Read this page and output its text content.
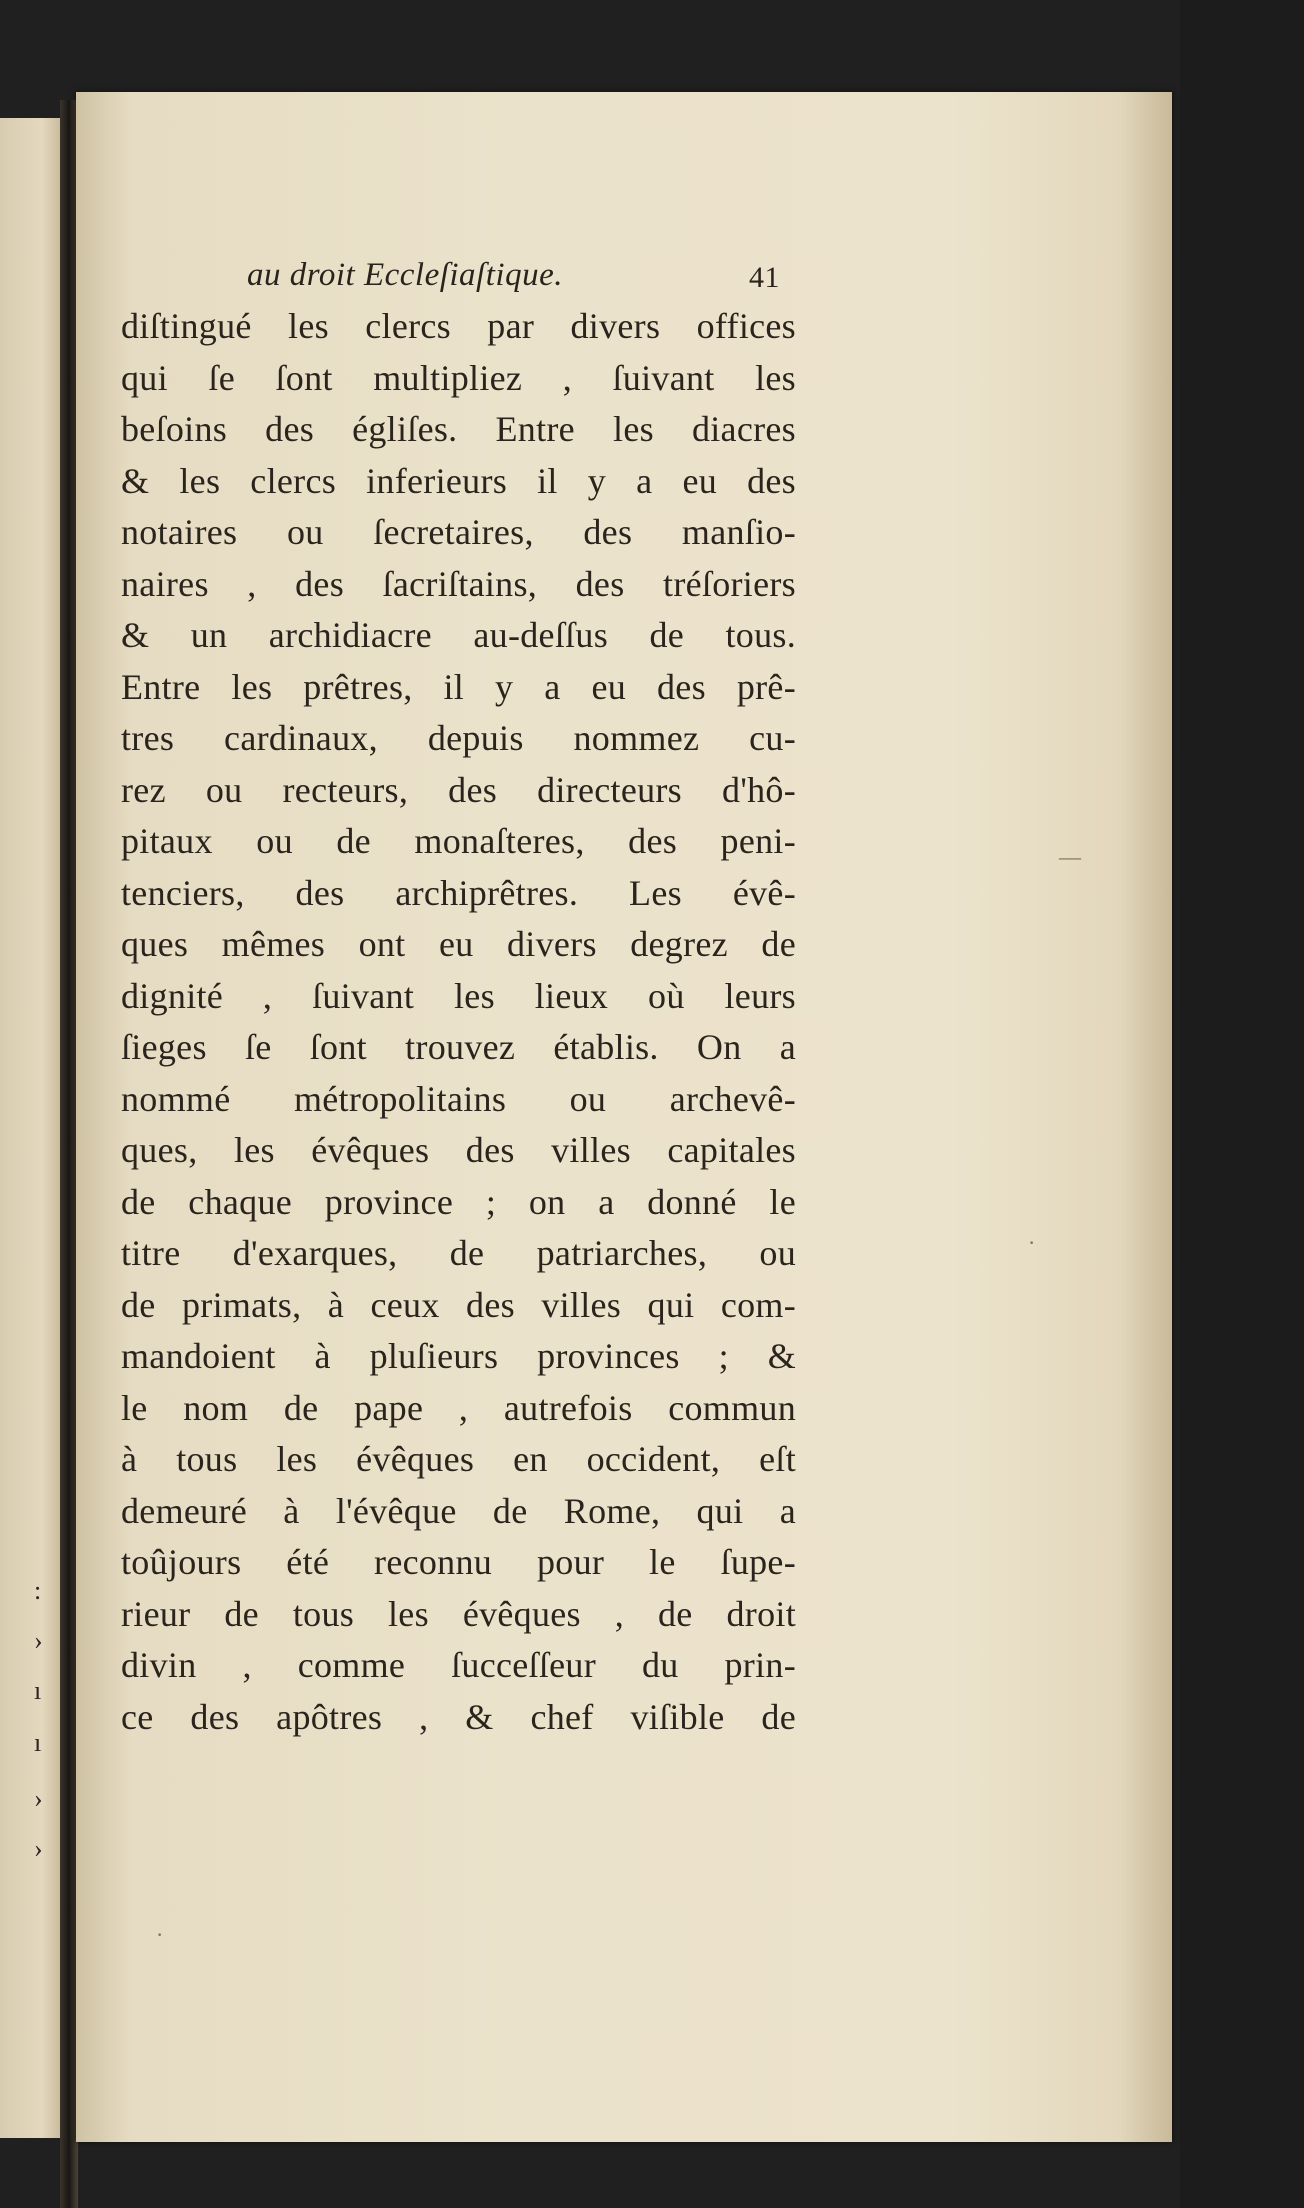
:
›
ı
ı
›
›
au droit Eccleſiaſtique.	41
diſtingué les clercs par divers offices
qui ſe ſont multipliez , ſuivant les
beſoins des égliſes. Entre les diacres
& les clercs inferieurs il y a eu des
notaires ou ſecretaires, des manſio-
naires , des ſacriſtains, des tréſoriers
& un archidiacre au-deſſus de tous.
Entre les prêtres, il y a eu des prê-
tres cardinaux, depuis nommez cu-
rez ou recteurs, des directeurs d'hô-
pitaux ou de monaſteres, des peni-
tenciers, des archiprêtres. Les évê-
ques mêmes ont eu divers degrez de
dignité , ſuivant les lieux où leurs
ſieges ſe ſont trouvez établis. On a
nommé métropolitains ou archevê-
ques, les évêques des villes capitales
de chaque province ; on a donné le
titre d'exarques, de patriarches, ou
de primats, à ceux des villes qui com-
mandoient à pluſieurs provinces ; &
le nom de pape , autrefois commun
à tous les évêques en occident, eſt
demeuré à l'évêque de Rome, qui a
toûjours été reconnu pour le ſupe-
rieur de tous les évêques , de droit
divin , comme ſucceſſeur du prin-
ce des apôtres , & chef viſible de
—
·
·
